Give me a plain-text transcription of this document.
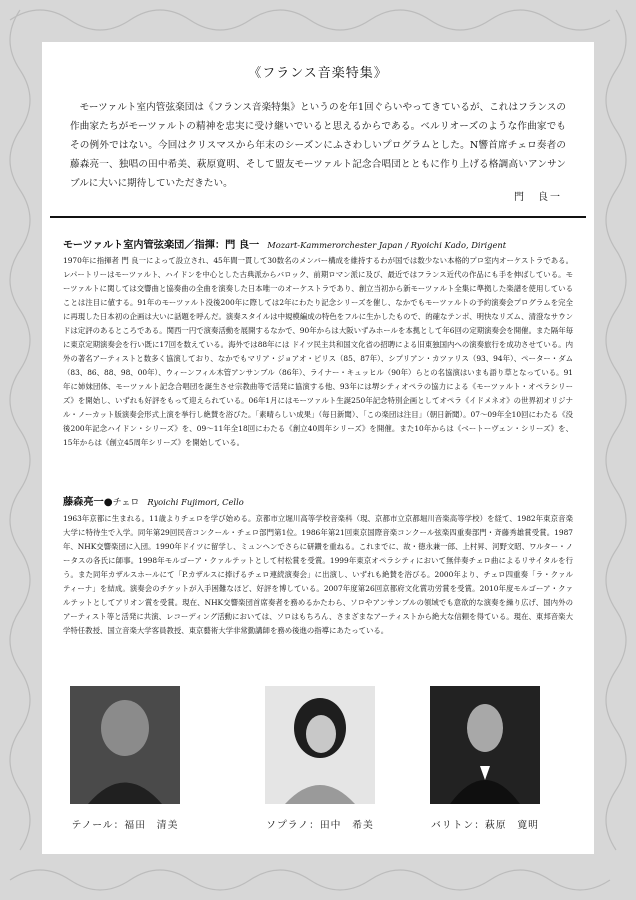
《フランス音楽特集》
モーツァルト室内管弦楽団は《フランス音楽特集》というのを年1回ぐらいやってきているが、これはフランスの作曲家たちがモーツァルトの精神を忠実に受け継いでいると思えるからである。ベルリオーズのような作曲家でもその例外ではない。今回はクリスマスから年末のシーズンにふさわしいプログラムとした。N響首席チェロ奏者の藤森亮一、独唱の田中希美、萩原寛明、そして盟友モーツァルト記念合唱団とともに作り上げる格調高いアンサンブルに大いに期待していただきたい。
門　良一
モーツァルト室内管弦楽団／指揮：門 良一 Mozart-Kammerorchester Japan / Ryoichi Kado, Dirigent
1970年に指揮者 門 良一によって設立され、45年間一貫して30数名のメンバー構成を維持するわが国では数少ない本格的プロ室内オーケストラである。レパートリーはモーツァルト、ハイドンを中心とした古典派からバロック、前期ロマン派に及び、最近ではフランス近代の作品にも手を伸ばしている。モーツァルトに関しては交響曲と協奏曲の全曲を演奏した日本唯一のオーケストラであり、創立当初から新モーツァルト全集に準拠した楽譜を使用していることは注目に値する。91年のモーツァルト没後200年に際しては2年にわたり記念シリーズを催し、なかでもモーツァルトの予約演奏会プログラムを完全に再現した日本初の企画は大いに話題を呼んだ。演奏スタイルは中規模編成の特色をフルに生かしたもので、的確なテンポ、明快なリズム、清澄なサウンドは定評のあるところである。関西一円で演奏活動を展開するなかで、90年からは大阪いずみホールを本拠として年6回の定期演奏会を開催。また隔年毎に東京定期演奏会を行い既に17回を数えている。海外では88年には ドイツ民主共和国文化省の招聘による旧東独国内への演奏旅行を成功させている。内外の著名アーティストと数多く協演しており、なかでもマリア・ジョアオ・ピリス（85、87年）、シプリアン・カツァリス（93、94年）、ペーター・ダム（83、86、88、98、00年）、ウィーンフィル木管アンサンブル（86年）、ライナー・キュッヒル（90年）らとの名協演はいまも語り草となっている。91年に姉妹団体、モーツァルト記念合唱団を誕生させ宗教曲等で活発に協演する他、93年には堺シティオペラの協力による《モーツァルト・オペラシリーズ》を開始し、いずれも好評をもって迎えられている。06年1月にはモーツァルト生誕250年記念特別企画としてオペラ《イドメネオ》の世界初オリジナル・ノーカット版演奏会形式上演を挙行し絶賛を浴びた。「素晴らしい成果」（毎日新聞）、「この楽団は注目」（朝日新聞）。07～09年全10回にわたる《没後200年記念ハイドン・シリーズ》を、09～11年全18回にわたる《創立40周年シリーズ》を開催。また10年からは《ベートーヴェン・シリーズ》を、15年からは《創立45周年シリーズ》を開始している。
藤森亮一●チェロ Ryoichi Fujimori, Cello
1963年京都に生まれる。11歳よりチェロを学び始める。京都市立堀川高等学校音楽科（現、京都市立京都堀川音楽高等学校）を経て、1982年東京音楽大学に特待生で入学。同年第29回民音コンクール・チェロ部門第1位。1986年第21回東京国際音楽コンクール弦楽四重奏部門・斉藤秀雄賞受賞。1987年、NHK交響楽団に入団。1990年ドイツに留学し、ミュンヘンでさらに研鑽を重ねる。これまでに、故・徳永兼一郎、上村昇、河野文昭、ワルター・ノータスの各氏に師事。1998年モルゴーア・クァルテットとして村松賞を受賞。1999年東京オペラシティにおいて無伴奏チェロ曲によるリサイタルを行う。また同年カザルスホールにて「P.カザルスに捧げるチェロ連続演奏会」に出演し、いずれも絶賛を浴びる。2000年より、チェロ四重奏「ラ・クァルティーナ」を結成。演奏会のチケットが入手困難なほど、好評を博している。2007年度第26回京都府文化賞功労賞を受賞。2010年度モルゴーア・クァルテットとしてアリオン賞を受賞。現在、NHK交響楽団首席奏者を務めるかたわら、ソロやアンサンブルの領域でも意欲的な演奏を繰り広げ、国内外のアーティスト等と活発に共演、レコーディング活動においては、ソロはもちろん、さまざまなアーティストから絶大な信頼を得ている。現在、東邦音楽大学特任教授、国立音楽大学客員教授、東京藝術大学非常勤講師を務め後進の指導にあたっている。
テノール：福田　清美	ソプラノ：田中　希美	バリトン：萩原　寛明
